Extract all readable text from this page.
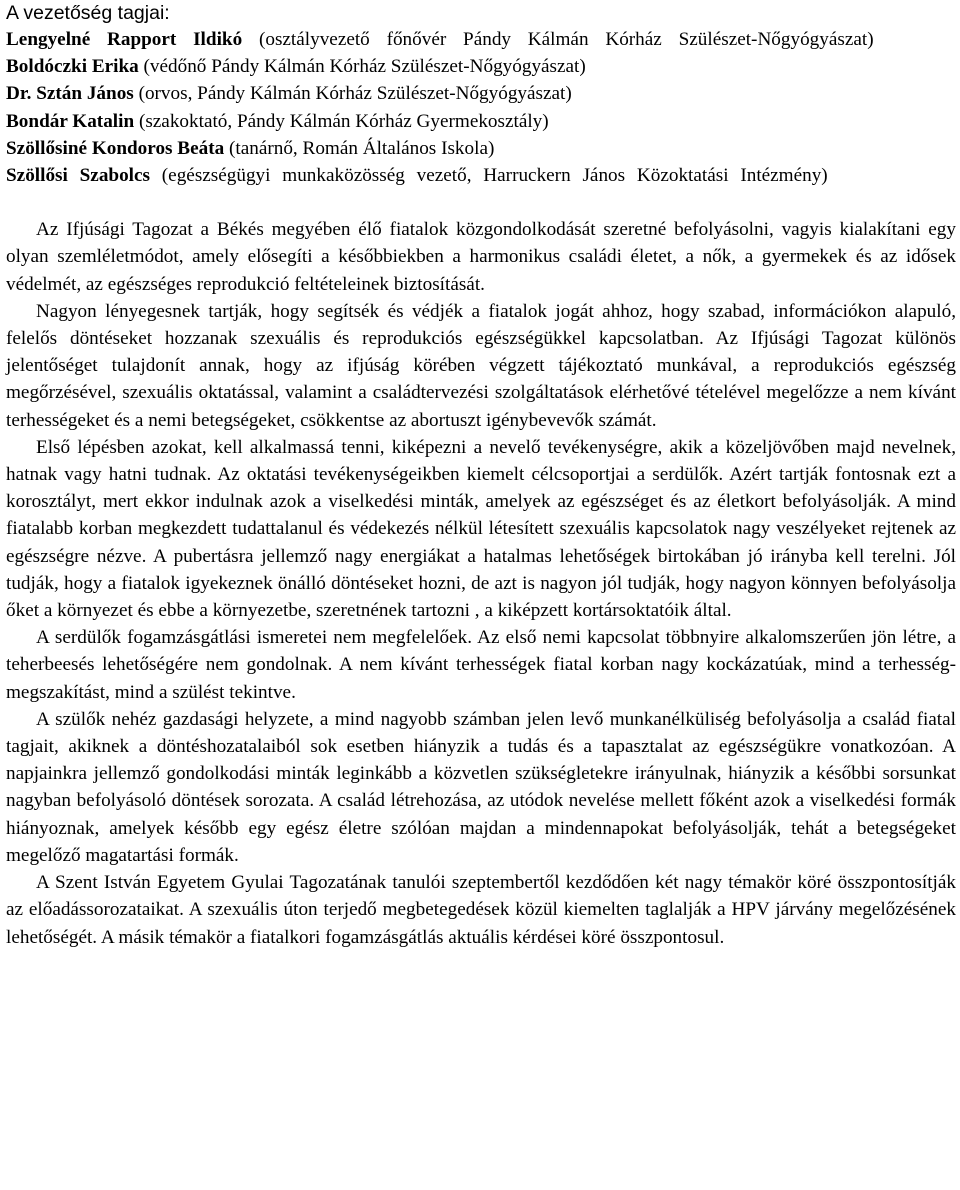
A vezetőség tagjai:

Lengyelné Rapport Ildikó (osztályvezető főnővér Pándy Kálmán Kórház Szülészet-Nőgyógyászat)

Boldóczki Erika (védőnő Pándy Kálmán Kórház Szülészet-Nőgyógyászat)

Dr. Sztán János (orvos, Pándy Kálmán Kórház Szülészet-Nőgyógyászat)

Bondár Katalin (szakoktató, Pándy Kálmán Kórház Gyermekosztály)

Szöllősiné Kondoros Beáta (tanárnő, Román Általános Iskola)

Szöllősi Szabolcs (egészségügyi munkaközösség vezető, Harruckern János Közoktatási Intézmény)

Az Ifjúsági Tagozat a Békés megyében élő fiatalok közgondolkodását szeretné befolyásolni, vagyis kialakítani egy olyan szemléletmódot, amely elősegíti a későbbiekben a harmonikus családi életet, a nők, a gyermekek és az idősek védelmét, az egészséges reprodukció feltételeinek biztosítását.

Nagyon lényegesnek tartják, hogy segítsék és védjék a fiatalok jogát ahhoz, hogy szabad, információkon alapuló, felelős döntéseket hozzanak szexuális és reprodukciós egészségükkel kapcsolatban. Az Ifjúsági Tagozat különös jelentőséget tulajdonít annak, hogy az ifjúság körében végzett tájékoztató munkával, a reprodukciós egészség megőrzésével, szexuális oktatással, valamint a családtervezési szolgáltatások elérhetővé tételével megelőzze a nem kívánt terhességeket és a nemi betegségeket, csökkentse az abortuszt igénybevevők számát.

Első lépésben azokat, kell alkalmassá tenni, kiképezni a nevelő tevékenységre, akik a közeljövőben majd nevelnek, hatnak vagy hatni tudnak. Az oktatási tevékenységeikben kiemelt célcsoportjai a serdülők. Azért tartják fontosnak ezt a korosztályt, mert ekkor indulnak azok a viselkedési minták, amelyek az egészséget és az életkort befolyásolják. A mind fiatalabb korban megkezdett tudattalanul és védekezés nélkül létesített szexuális kapcsolatok nagy veszélyeket rejtenek az egészségre nézve. A pubertásra jellemző nagy energiákat a hatalmas lehetőségek birtokában jó irányba kell terelni. Jól tudják, hogy a fiatalok igyekeznek önálló döntéseket hozni, de azt is nagyon jól tudják, hogy nagyon könnyen befolyásolja őket a környezet és ebbe a környezetbe, szeretnének tartozni , a kiképzett kortársoktatóik által.

A serdülők fogamzásgátlási ismeretei nem megfelelőek. Az első nemi kapcsolat többnyire alkalomszerűen jön létre, a teherbeesés lehetőségére nem gondolnak. A nem kívánt terhességek fiatal korban nagy kockázatúak, mind a terhesség-megszakítást, mind a szülést tekintve.

A szülők nehéz gazdasági helyzete, a mind nagyobb számban jelen levő munkanélküliség befolyásolja a család fiatal tagjait, akiknek a döntéshozatalaiból sok esetben hiányzik a tudás és a tapasztalat az egészségükre vonatkozóan. A napjainkra jellemző gondolkodási minták leginkább a közvetlen szükségletekre irányulnak, hiányzik a későbbi sorsunkat nagyban befolyásoló döntések sorozata. A család létrehozása, az utódok nevelése mellett főként azok a viselkedési formák hiányoznak, amelyek később egy egész életre szólóan majdan a mindennapokat befolyásolják, tehát a betegségeket megelőző magatartási formák.

A Szent István Egyetem Gyulai Tagozatának tanulói szeptembertől kezdődően két nagy témakör köré összpontosítják az előadássorozataikat. A szexuális úton terjedő megbetegedések közül kiemelten taglalják a HPV járvány megelőzésének lehetőségét. A másik témakör a fiatalkori fogamzásgátlás aktuális kérdései köré összpontosul.
